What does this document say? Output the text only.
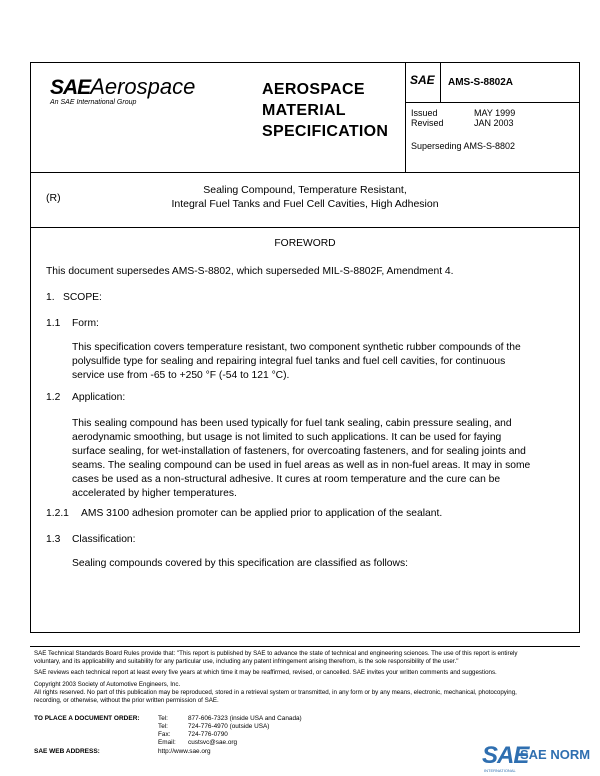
SAEAerospace
An SAE International Group
AEROSPACE
MATERIAL
SPECIFICATION
SAE AMS-S-8802A
Issued	MAY 1999
Revised	JAN 2003
Superseding AMS-S-8802
(R)
Sealing Compound, Temperature Resistant,
Integral Fuel Tanks and Fuel Cell Cavities, High Adhesion
FOREWORD
This document supersedes AMS-S-8802, which superseded MIL-S-8802F, Amendment 4.
1. SCOPE:
1.1 Form:
This specification covers temperature resistant, two component synthetic rubber compounds of the
polysulfide type for sealing and repairing integral fuel tanks and fuel cell cavities, for continuous
service use from -65 to +250 °F (-54 to 121 °C).
1.2 Application:
This sealing compound has been used typically for fuel tank sealing, cabin pressure sealing, and
aerodynamic smoothing, but usage is not limited to such applications. It can be used for faying
surface sealing, for wet-installation of fasteners, for overcoating fasteners, and for sealing joints and
seams. The sealing compound can be used in fuel areas as well as in non-fuel areas. It may in some
cases be used as a non-structural adhesive. It cures at room temperature and the cure can be
accelerated by higher temperatures.
1.2.1 AMS 3100 adhesion promoter can be applied prior to application of the sealant.
1.3 Classification:
Sealing compounds covered by this specification are classified as follows:
SAE Technical Standards Board Rules provide that: "This report is published by SAE to advance the state of technical and engineering sciences. The use of this report is entirely
voluntary, and its applicability and suitability for any particular use, including any patent infringement arising therefrom, is the sole responsibility of the user."
SAE reviews each technical report at least every five years at which time it may be reaffirmed, revised, or cancelled. SAE invites your written comments and suggestions.
Copyright 2003 Society of Automotive Engineers, Inc.
All rights reserved. No part of this publication may be reproduced, stored in a retrieval system or transmitted, in any form or by any means, electronic, mechanical, photocopying,
recording, or otherwise, without the prior written permission of SAE.
TO PLACE A DOCUMENT ORDER:	Tel:	877-606-7323 (inside USA and Canada)
Tel:	724-776-4970 (outside USA)
Fax:	724-776-0790
Email: custsvc@sae.org
SAE WEB ADDRESS:	http://www.sae.org	SAE
SAE NORM
INTERNATIONAL
